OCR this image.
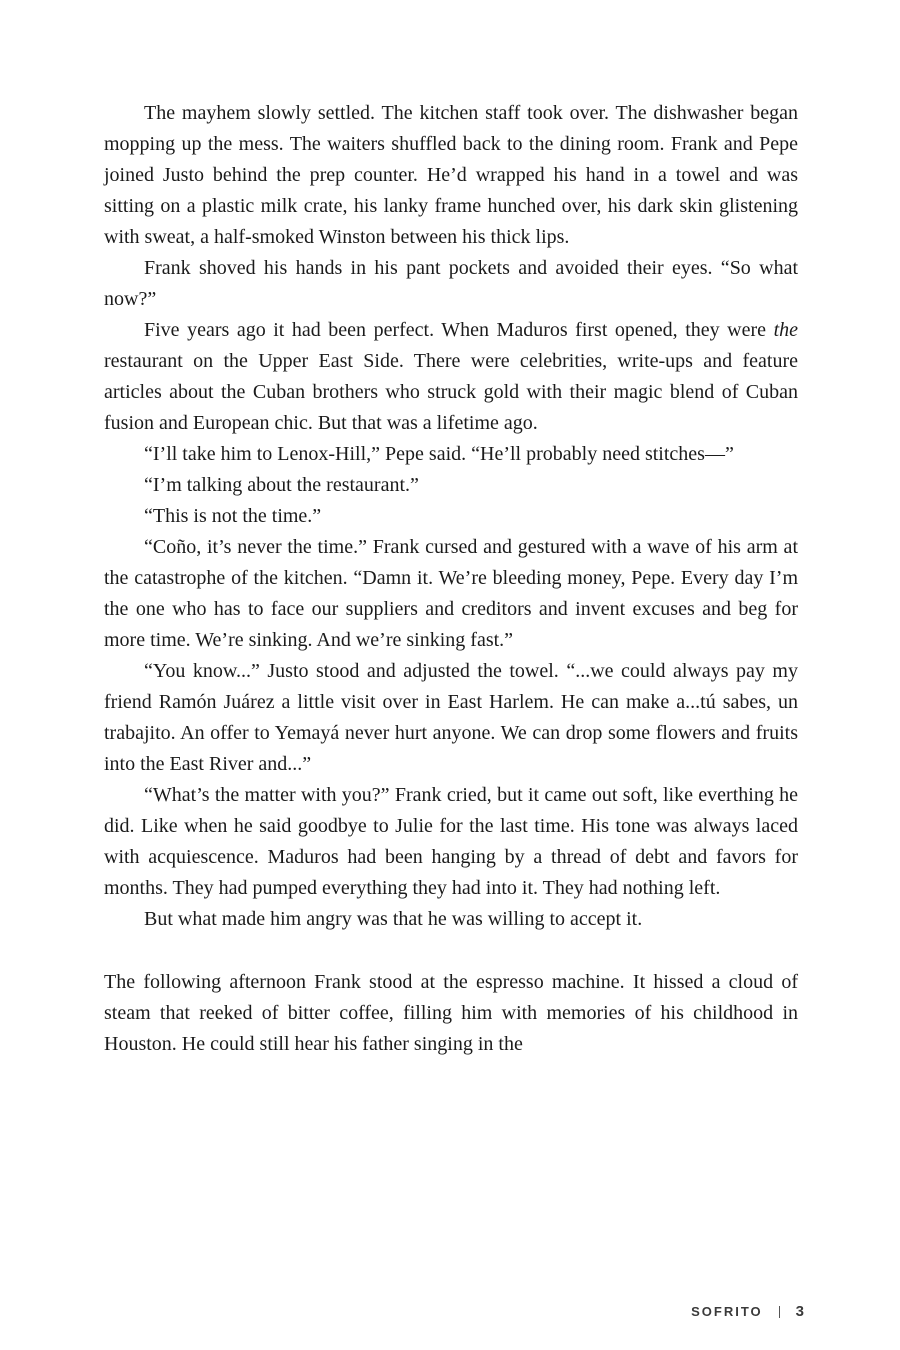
The mayhem slowly settled. The kitchen staff took over. The dishwasher began mopping up the mess. The waiters shuffled back to the dining room. Frank and Pepe joined Justo behind the prep counter. He’d wrapped his hand in a towel and was sitting on a plastic milk crate, his lanky frame hunched over, his dark skin glistening with sweat, a half-smoked Winston between his thick lips.

Frank shoved his hands in his pant pockets and avoided their eyes. “So what now?”

Five years ago it had been perfect. When Maduros first opened, they were the restaurant on the Upper East Side. There were celebrities, write-ups and feature articles about the Cuban brothers who struck gold with their magic blend of Cuban fusion and European chic. But that was a lifetime ago.

“I’ll take him to Lenox-Hill,” Pepe said. “He’ll probably need stitches—”

“I’m talking about the restaurant.”

“This is not the time.”

“Coño, it’s never the time.” Frank cursed and gestured with a wave of his arm at the catastrophe of the kitchen. “Damn it. We’re bleeding money, Pepe. Every day I’m the one who has to face our suppliers and creditors and invent excuses and beg for more time. We’re sinking. And we’re sinking fast.”

“You know...” Justo stood and adjusted the towel. “...we could always pay my friend Ramón Juárez a little visit over in East Harlem. He can make a...tú sabes, un trabajito. An offer to Yemayá never hurt anyone. We can drop some flowers and fruits into the East River and...”

“What’s the matter with you?” Frank cried, but it came out soft, like everthing he did. Like when he said goodbye to Julie for the last time. His tone was always laced with acquiescence. Maduros had been hanging by a thread of debt and favors for months. They had pumped everything they had into it. They had nothing left.

But what made him angry was that he was willing to accept it.

The following afternoon Frank stood at the espresso machine. It hissed a cloud of steam that reeked of bitter coffee, filling him with memories of his childhood in Houston. He could still hear his father singing in the

SOFRITO 3
